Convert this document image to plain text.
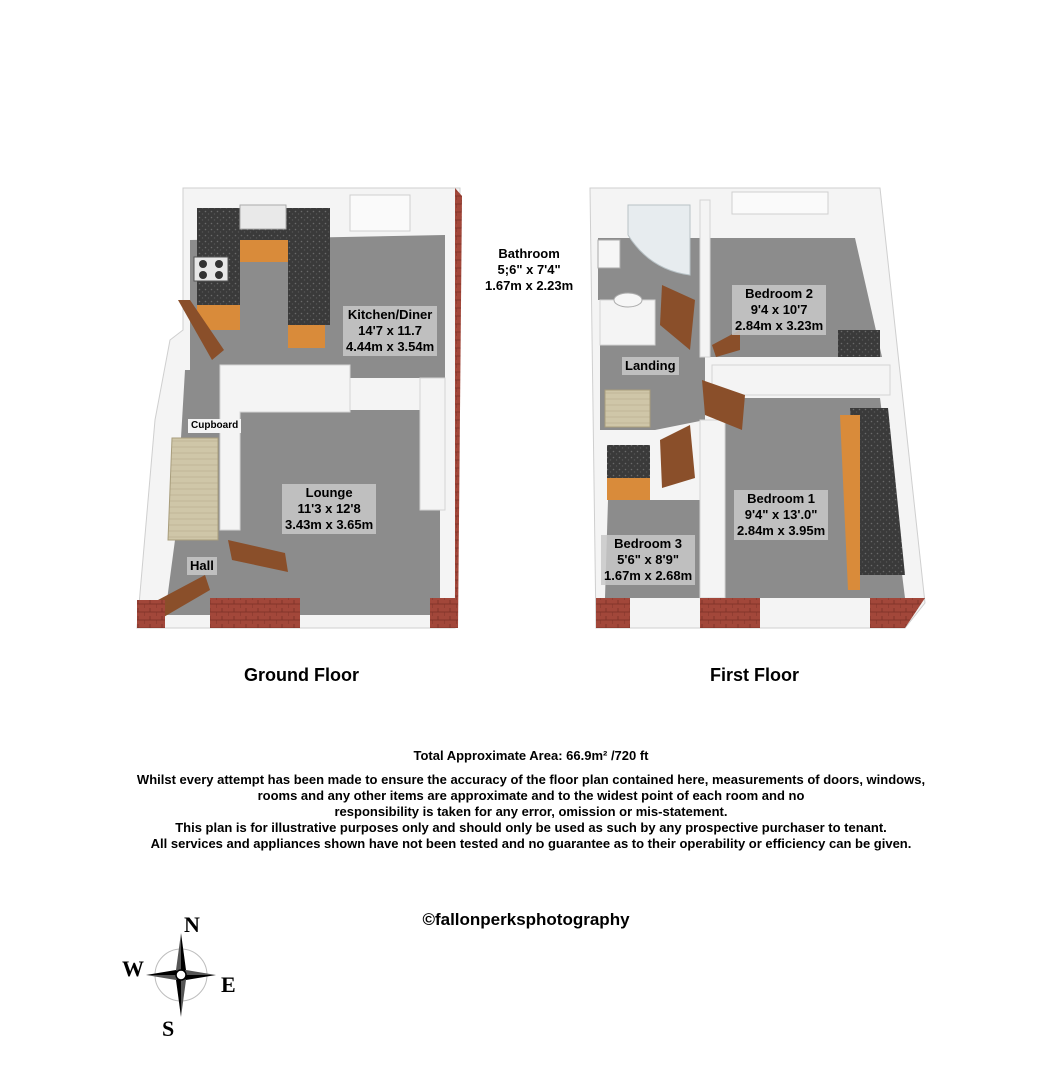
Bathroom
5;6" x 7'4"
1.67m x 2.23m
Kitchen/Diner
14'7 x 11.7
4.44m x 3.54m
Lounge
11'3 x 12'8
3.43m x 3.65m
Cupboard
Hall
Landing
Bedroom 2
9'4 x 10'7
2.84m x 3.23m
Bedroom 1
9'4" x 13'.0"
2.84m x 3.95m
Bedroom 3
5'6" x 8'9"
1.67m x 2.68m
Ground Floor	First Floor
Total Approximate Area: 66.9m² /720 ft
Whilst every attempt has been made to ensure the accuracy of the floor plan contained here, measurements of doors, windows,
rooms and any other items are approximate and to the widest point of each room and no
responsibility is taken for any error, omission or mis-statement.
This plan is for illustrative purposes only and should only be used as such by any prospective purchaser to tenant.
All services and appliances shown have not been tested and no guarantee as to their operability or efficiency can be given.
©fallonperksphotography
N
W
E
S
